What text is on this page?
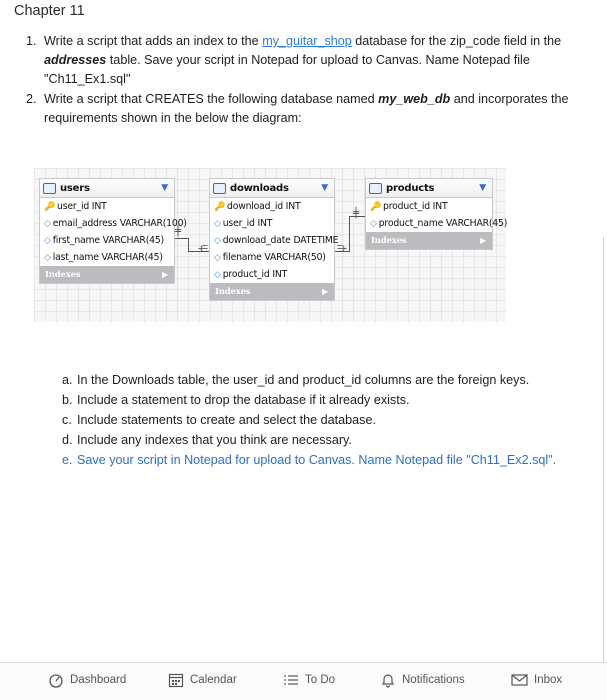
Chapter 11
1. Write a script that adds an index to the my_guitar_shop database for the zip_code field in the
addresses table. Save your script in Notepad for upload to Canvas. Name Notepad file
"Ch11_Ex1.sql"
2. Write a script that CREATES the following database named my_web_db and incorporates the
requirements shown in the below the diagram:
users	▼
🔑 user_id INT
◇ email_address VARCHAR(100)
◇ first_name VARCHAR(45)
◇ last_name VARCHAR(45)
Indexes	▶
downloads	▼
🔑 download_id INT
◇ user_id INT
◇ download_date DATETIME
◇ filename VARCHAR(50)
◇ product_id INT
Indexes	▶
products	▼
🔑 product_id INT
◇ product_name VARCHAR(45)
Indexes	▶
╪
⋲	⋺
╪
a. In the Downloads table, the user_id and product_id columns are the foreign keys.
b. Include a statement to drop the database if it already exists.
c. Include statements to create and select the database.
d. Include any indexes that you think are necessary.
e. Save your script in Notepad for upload to Canvas. Name Notepad file "Ch11_Ex2.sql".
Dashboard	Calendar	To Do	Notifications	Inbox
